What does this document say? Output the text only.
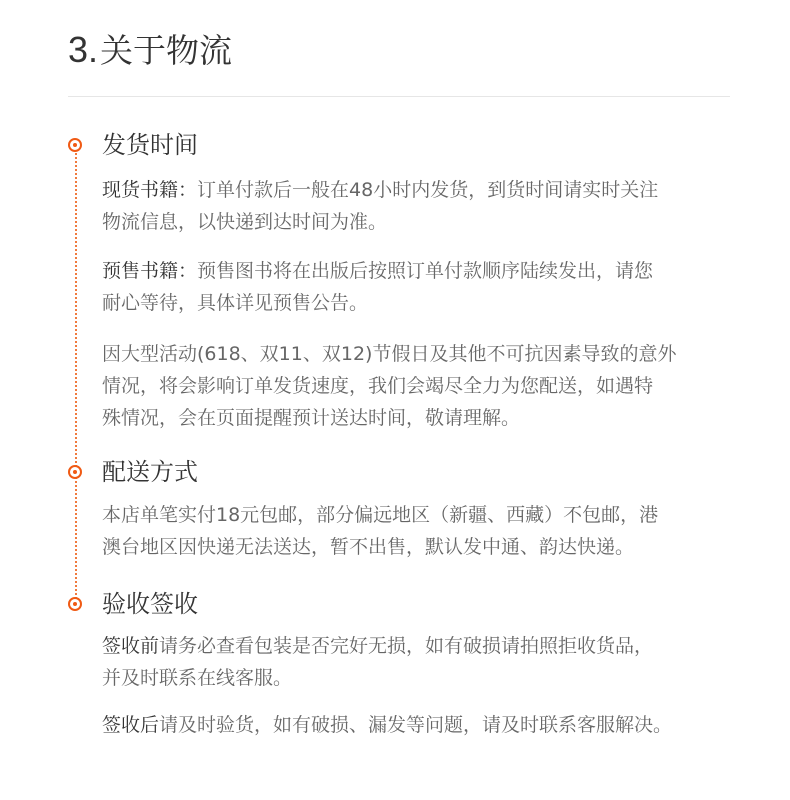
3.关于物流
发货时间
现货书籍：订单付款后一般在48小时内发货，到货时间请实时关注
物流信息，以快递到达时间为准。
预售书籍：预售图书将在出版后按照订单付款顺序陆续发出，请您
耐心等待，具体详见预售公告。
因大型活动(618、双11、双12)节假日及其他不可抗因素导致的意外
情况，将会影响订单发货速度，我们会竭尽全力为您配送，如遇特
殊情况，会在页面提醒预计送达时间，敬请理解。
配送方式
本店单笔实付18元包邮，部分偏远地区（新疆、西藏）不包邮，港
澳台地区因快递无法送达，暂不出售，默认发中通、韵达快递。
验收签收
签收前请务必查看包装是否完好无损，如有破损请拍照拒收货品，
并及时联系在线客服。
签收后请及时验货，如有破损、漏发等问题，请及时联系客服解决。
